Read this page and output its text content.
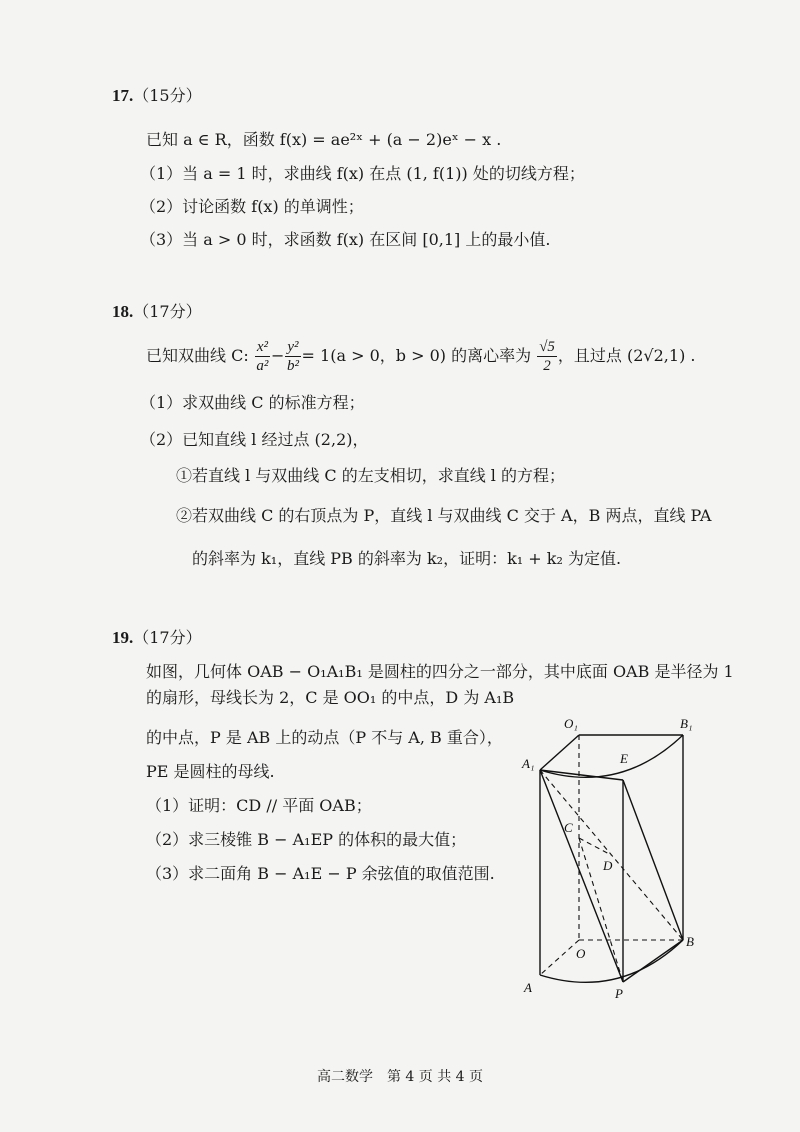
17.（15分）
已知 a ∈ R，函数 f(x) = ae²ˣ + (a − 2)eˣ − x .
（1）当 a = 1 时，求曲线 f(x) 在点 (1, f(1)) 处的切线方程；
（2）讨论函数 f(x) 的单调性；
（3）当 a > 0 时，求函数 f(x) 在区间 [0,1] 上的最小值.
18.（17分）
已知双曲线 C: $\frac{\text{x²}}{\text{a²}} - \frac{\text{y²}}{\text{b²}} = 1(a > 0$，b > 0) 的离心率为 $\frac{√5}{2}$ ，且过点 (2√2,1) .
（1）求双曲线 C 的标准方程；
（2）已知直线 l 经过点 (2,2)，
①若直线 l 与双曲线 C 的左支相切，求直线 l 的方程；
②若双曲线 C 的右顶点为 P，直线 l 与双曲线 C 交于 A，B 两点，直线 PA
的斜率为 k₁，直线 PB 的斜率为 k₂，证明：k₁ + k₂ 为定值.
19.（17分）
如图，几何体 OAB − O₁A₁B₁ 是圆柱的四分之一部分，其中底面 OAB 是半径为 1
的扇形，母线长为 2，C 是 OO₁ 的中点，D 为 A₁B
的中点，P 是 AB 上的动点（P 不与 A, B 重合），
PE 是圆柱的母线.
（1）证明：CD // 平面 OAB；
（2）求三棱锥 B − A₁EP 的体积的最大值；
（3）求二面角 B − A₁E − P 余弦值的取值范围.
O₁	B₁
A₁	E
C
D
O
B
A	P
高二数学　第 4 页 共 4 页
